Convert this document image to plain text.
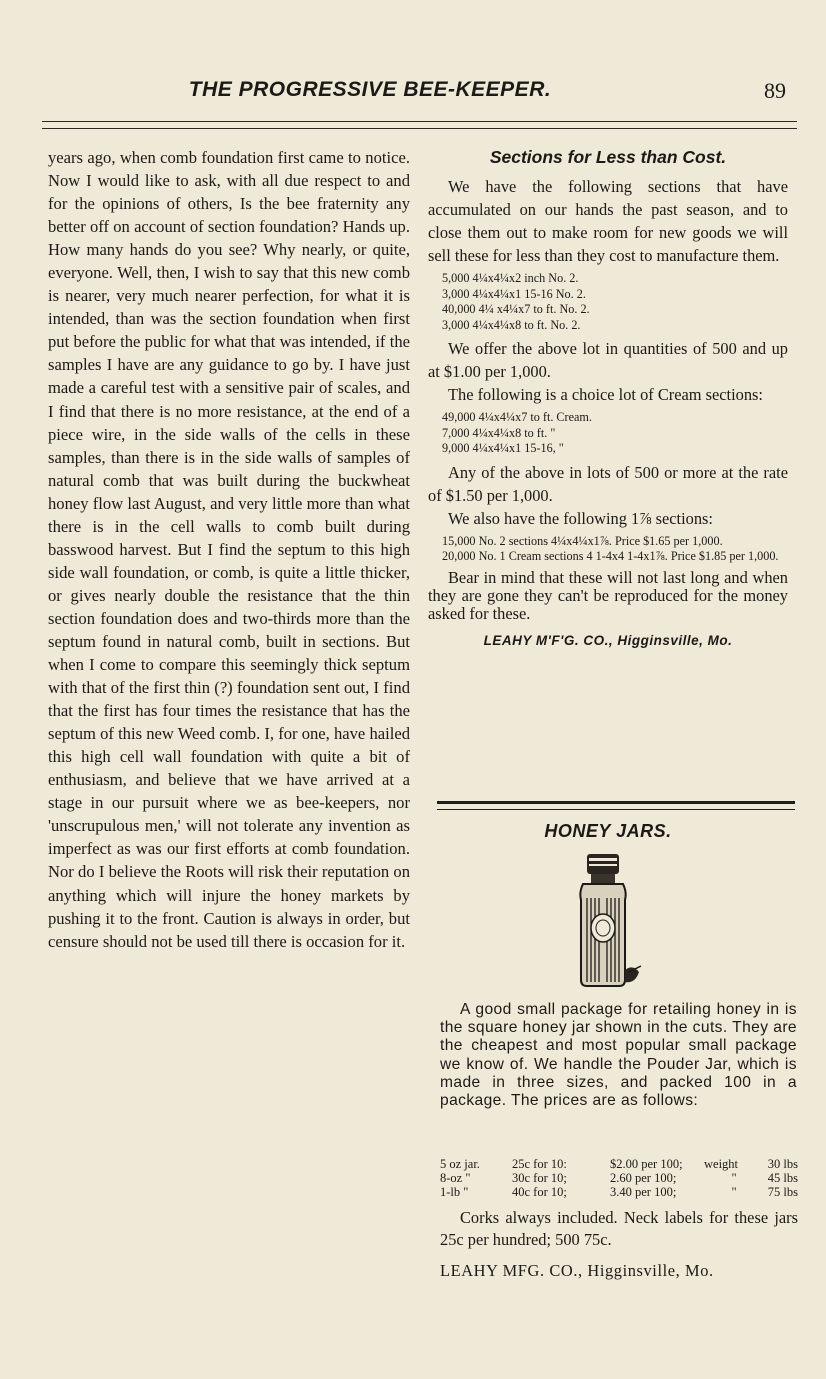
THE PROGRESSIVE BEE-KEEPER.	89

years ago, when comb foundation first came to notice. Now I would like to ask, with all due respect to and for the opinions of others, Is the bee fraternity any better off on account of section foundation? Hands up. How many hands do you see? Why nearly, or quite, everyone. Well, then, I wish to say that this new comb is nearer, very much nearer perfection, for what it is intended, than was the section foundation when first put before the public for what that was intended, if the samples I have are any guidance to go by. I have just made a careful test with a sensitive pair of scales, and I find that there is no more resistance, at the end of a piece wire, in the side walls of the cells in these samples, than there is in the side walls of samples of natural comb that was built during the buckwheat honey flow last August, and very little more than what there is in the cell walls to comb built during basswood harvest. But I find the septum to this high side wall foundation, or comb, is quite a little thicker, or gives nearly double the resistance that the thin section foundation does and two-thirds more than the septum found in natural comb, built in sections. But when I come to compare this seemingly thick septum with that of the first thin (?) foundation sent out, I find that the first has four times the resistance that has the septum of this new Weed comb. I, for one, have hailed this high cell wall foundation with quite a bit of enthusiasm, and believe that we have arrived at a stage in our pursuit where we as bee-keepers, nor 'unscrupulous men,' will not tolerate any invention as imperfect as was our first efforts at comb foundation. Nor do I believe the Roots will risk their reputation on anything which will injure the honey markets by pushing it to the front. Caution is always in order, but censure should not be used till there is occasion for it.

Sections for Less than Cost.

We have the following sections that have accumulated on our hands the past season, and to close them out to make room for new goods we will sell these for less than they cost to manufacture them.

5,000 4¼x4¼x2 inch No. 2.
3,000 4¼x4¼x1 15-16 No. 2.
40,000 4¼ x4¼x7 to ft. No. 2.
3,000 4¼x4¼x8 to ft. No. 2.

We offer the above lot in quantities of 500 and up at $1.00 per 1,000.

The following is a choice lot of Cream sections:

49,000 4¼x4¼x7 to ft. Cream.
7,000 4¼x4¼x8 to ft. "
9,000 4¼x4¼x1 15-16, "

Any of the above in lots of 500 or more at the rate of $1.50 per 1,000.

We also have the following 1⅞ sections:

15,000 No. 2 sections 4¼x4¼x1⅞. Price $1.65 per 1,000.
20,000 No. 1 Cream sections 4 1-4x4 1-4x1⅞. Price $1.85 per 1,000.

Bear in mind that these will not last long and when they are gone they can't be reproduced for the money asked for these.

LEAHY M'F'G. CO., Higginsville, Mo.
HONEY JARS.

A good small package for retailing honey in is the square honey jar shown in the cuts. They are the cheapest and most popular small package we know of. We handle the Pouder Jar, which is made in three sizes, and packed 100 in a package. The prices are as follows:

5 oz jar.	25c for 10:	$2.00 per 100;	weight	30 lbs
8-oz "	30c for 10;	2.60 per 100;	"	45 lbs
1-lb "	40c for 10;	3.40 per 100;	"	75 lbs

Corks always included. Neck labels for these jars 25c per hundred; 500 75c.

LEAHY MFG. CO., Higginsville, Mo.
